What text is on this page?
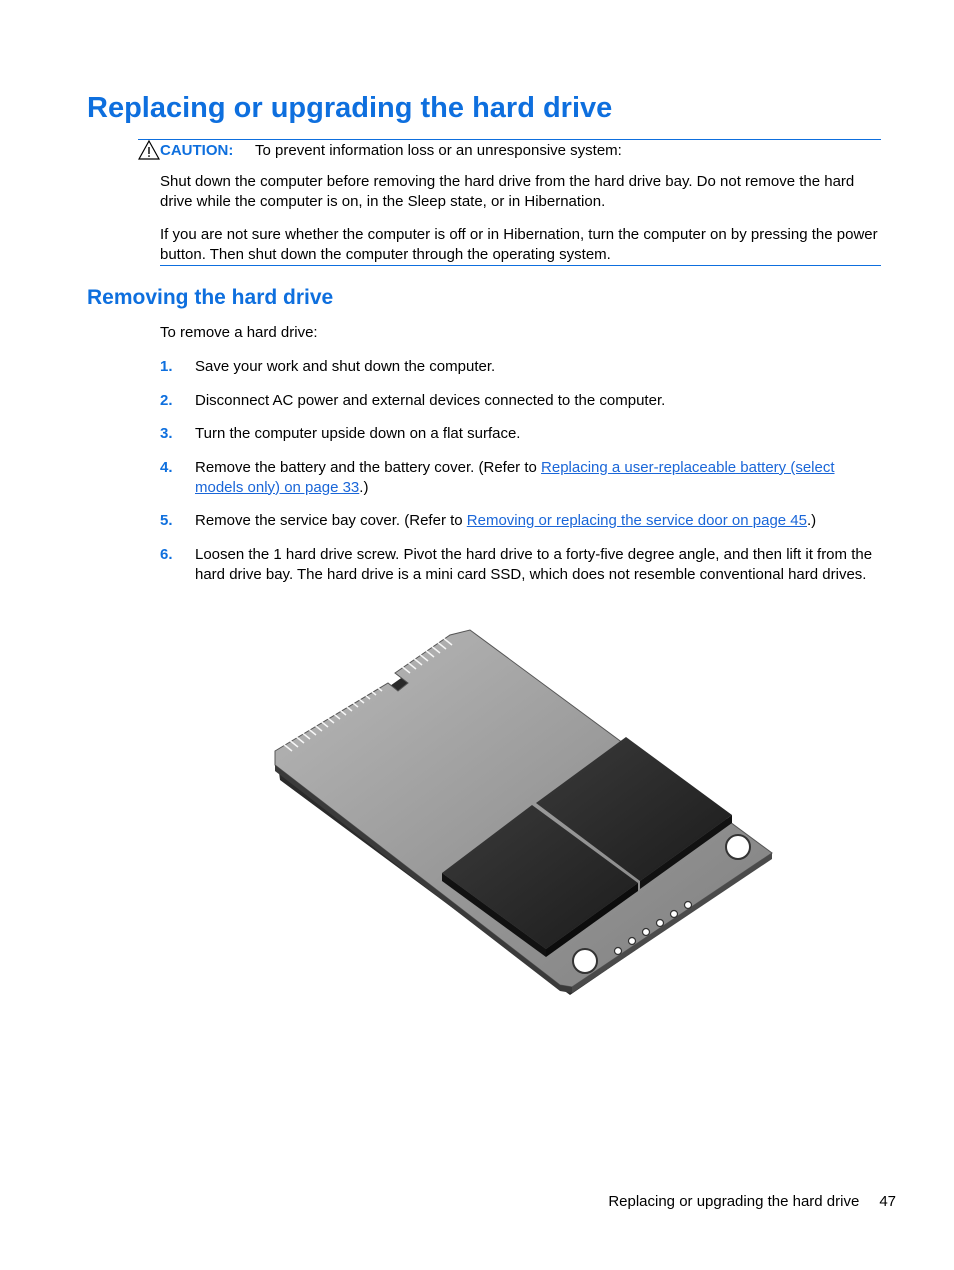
Replacing or upgrading the hard drive
CAUTION:	To prevent information loss or an unresponsive system:

Shut down the computer before removing the hard drive from the hard drive bay. Do not remove the hard drive while the computer is on, in the Sleep state, or in Hibernation.

If you are not sure whether the computer is off or in Hibernation, turn the computer on by pressing the power button. Then shut down the computer through the operating system.

Removing the hard drive

To remove a hard drive:

1. Save your work and shut down the computer.
2. Disconnect AC power and external devices connected to the computer.
3. Turn the computer upside down on a flat surface.
4. Remove the battery and the battery cover. (Refer to Replacing a user-replaceable battery (select models only) on page 33.)
5. Remove the service bay cover. (Refer to Removing or replacing the service door on page 45.)
6. Loosen the 1 hard drive screw. Pivot the hard drive to a forty-five degree angle, and then lift it from the hard drive bay. The hard drive is a mini card SSD, which does not resemble conventional hard drives.
Replacing or upgrading the hard drive 47
